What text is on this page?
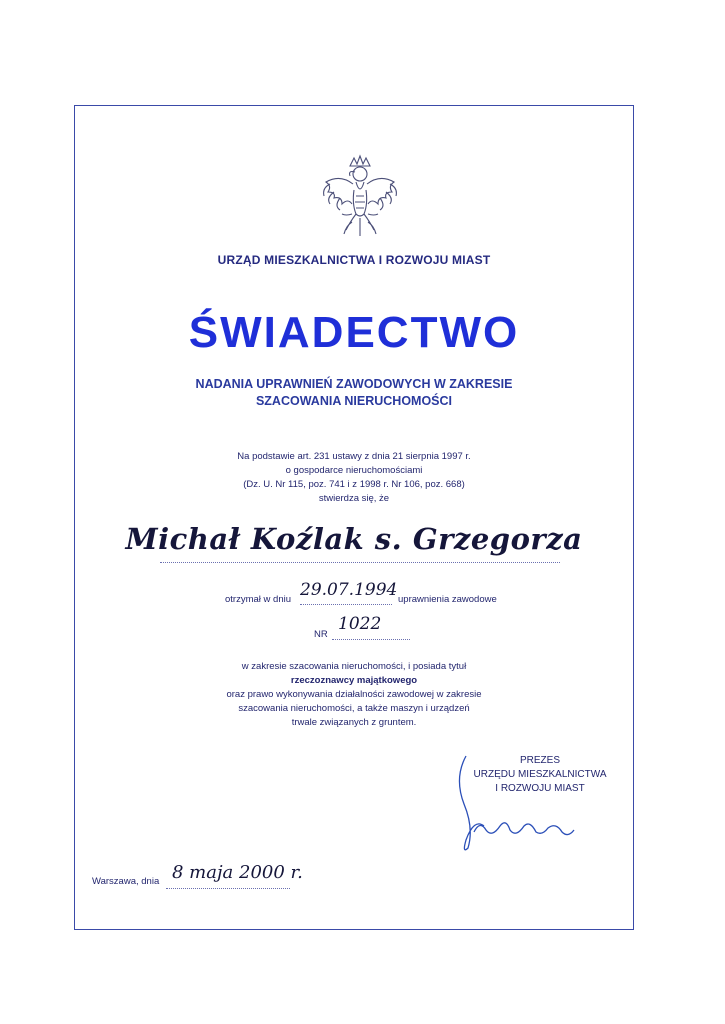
URZĄD MIESZKALNICTWA I ROZWOJU MIAST
ŚWIADECTWO
NADANIA UPRAWNIEŃ ZAWODOWYCH W ZAKRESIE
SZACOWANIA NIERUCHOMOŚCI
Na podstawie art. 231 ustawy z dnia 21 sierpnia 1997 r.
o gospodarce nieruchomościami
(Dz. U. Nr 115, poz. 741 i z 1998 r. Nr 106, poz. 668)
stwierdza się, że
Michał Koźlak s. Grzegorza
otrzymał w dniu 29.07.1994 uprawnienia zawodowe
NR
1022
w zakresie szacowania nieruchomości, i posiada tytuł
rzeczoznawcy majątkowego
oraz prawo wykonywania działalności zawodowej w zakresie
szacowania nieruchomości, a także maszyn i urządzeń
trwale związanych z gruntem.
PREZES
URZĘDU MIESZKALNICTWA
I ROZWOJU MIAST
Warszawa, dnia 8 maja 2000 r.
